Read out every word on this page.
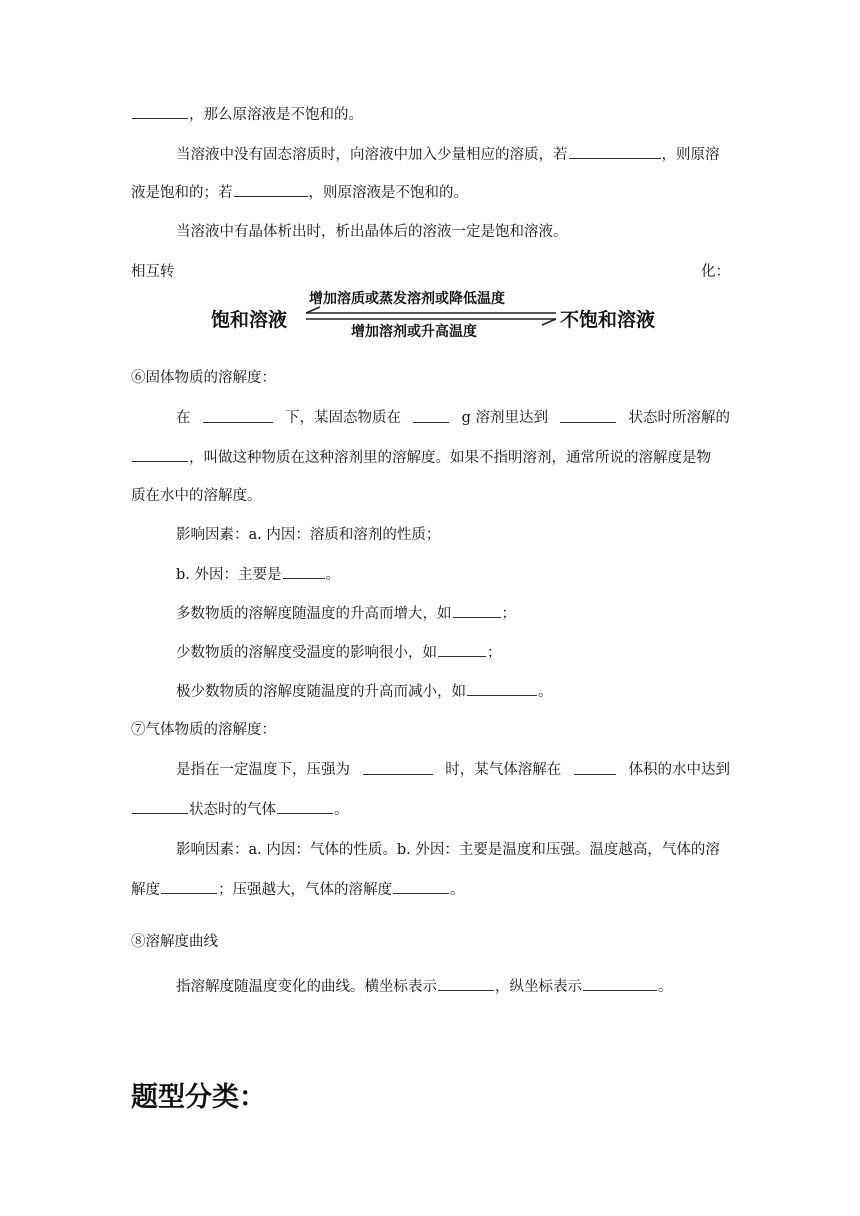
，那么原溶液是不饱和的。
当溶液中没有固态溶质时，向溶液中加入少量相应的溶质，若	，则原溶
液是饱和的；若	，则原溶液是不饱和的。
当溶液中有晶体析出时，析出晶体后的溶液一定是饱和溶液。
相互转	化：
增加溶质或蒸发溶剂或降低温度
饱和溶液	不饱和溶液
增加溶剂或升高温度
⑥固体物质的溶解度：
在	下，某固态物质在	g 溶剂里达到	状态时所溶解的
，叫做这种物质在这种溶剂里的溶解度。如果不指明溶剂，通常所说的溶解度是物
质在水中的溶解度。
影响因素：a. 内因：溶质和溶剂的性质；
b. 外因：主要是	。
多数物质的溶解度随温度的升高而增大，如	；
少数物质的溶解度受温度的影响很小，如	；
极少数物质的溶解度随温度的升高而减小，如	。
⑦气体物质的溶解度：
是指在一定温度下，压强为	时，某气体溶解在	体积的水中达到
状态时的气体	。
影响因素：a. 内因：气体的性质。b. 外因：主要是温度和压强。温度越高，气体的溶
解度	；压强越大，气体的溶解度	。
⑧溶解度曲线
指溶解度随温度变化的曲线。横坐标表示	，纵坐标表示	。
题型分类：
